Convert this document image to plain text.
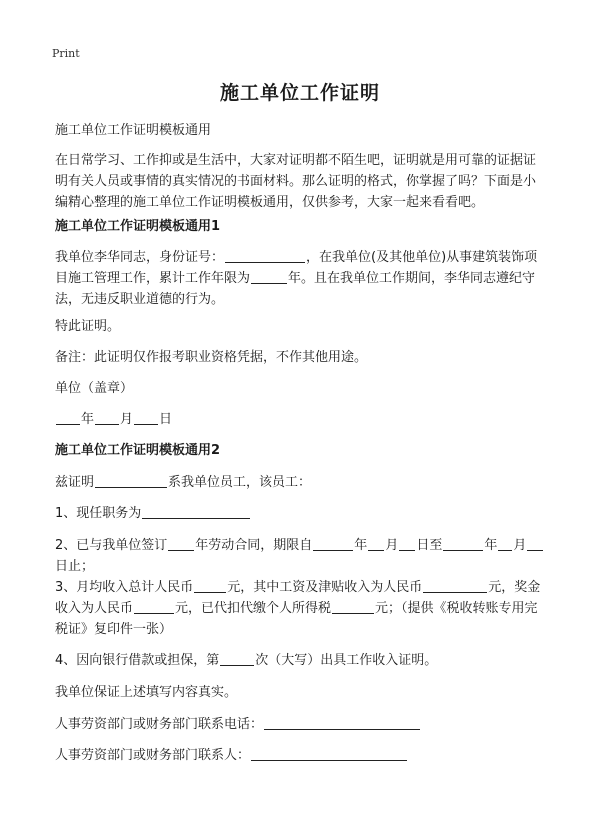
Print
施工单位工作证明

施工单位工作证明模板通用

在日常学习、工作抑或是生活中，大家对证明都不陌生吧，证明就是用可靠的证据证明有关人员或事情的真实情况的书面材料。那么证明的格式，你掌握了吗？下面是小编精心整理的施工单位工作证明模板通用，仅供参考，大家一起来看看吧。

施工单位工作证明模板通用1

我单位李华同志，身份证号：	，在我单位(及其他单位)从事建筑装饰项目施工管理工作，累计工作年限为	年。且在我单位工作期间，李华同志遵纪守法，无违反职业道德的行为。

特此证明。

备注：此证明仅作报考职业资格凭据，不作其他用途。

单位（盖章）

年 月 日

施工单位工作证明模板通用2

兹证明	系我单位员工，该员工：

1、现任职务为

2、已与我单位签订 年劳动合同，期限自	年 月 日至	年 月日止；

3、月均收入总计人民币	元，其中工资及津贴收入为人民币	元，奖金收入为人民币	元，已代扣代缴个人所得税	元；（提供《税收转账专用完税证》复印件一张）

4、因向银行借款或担保，第	次（大写）出具工作收入证明。

我单位保证上述填写内容真实。

人事劳资部门或财务部门联系电话：

人事劳资部门或财务部门联系人：
